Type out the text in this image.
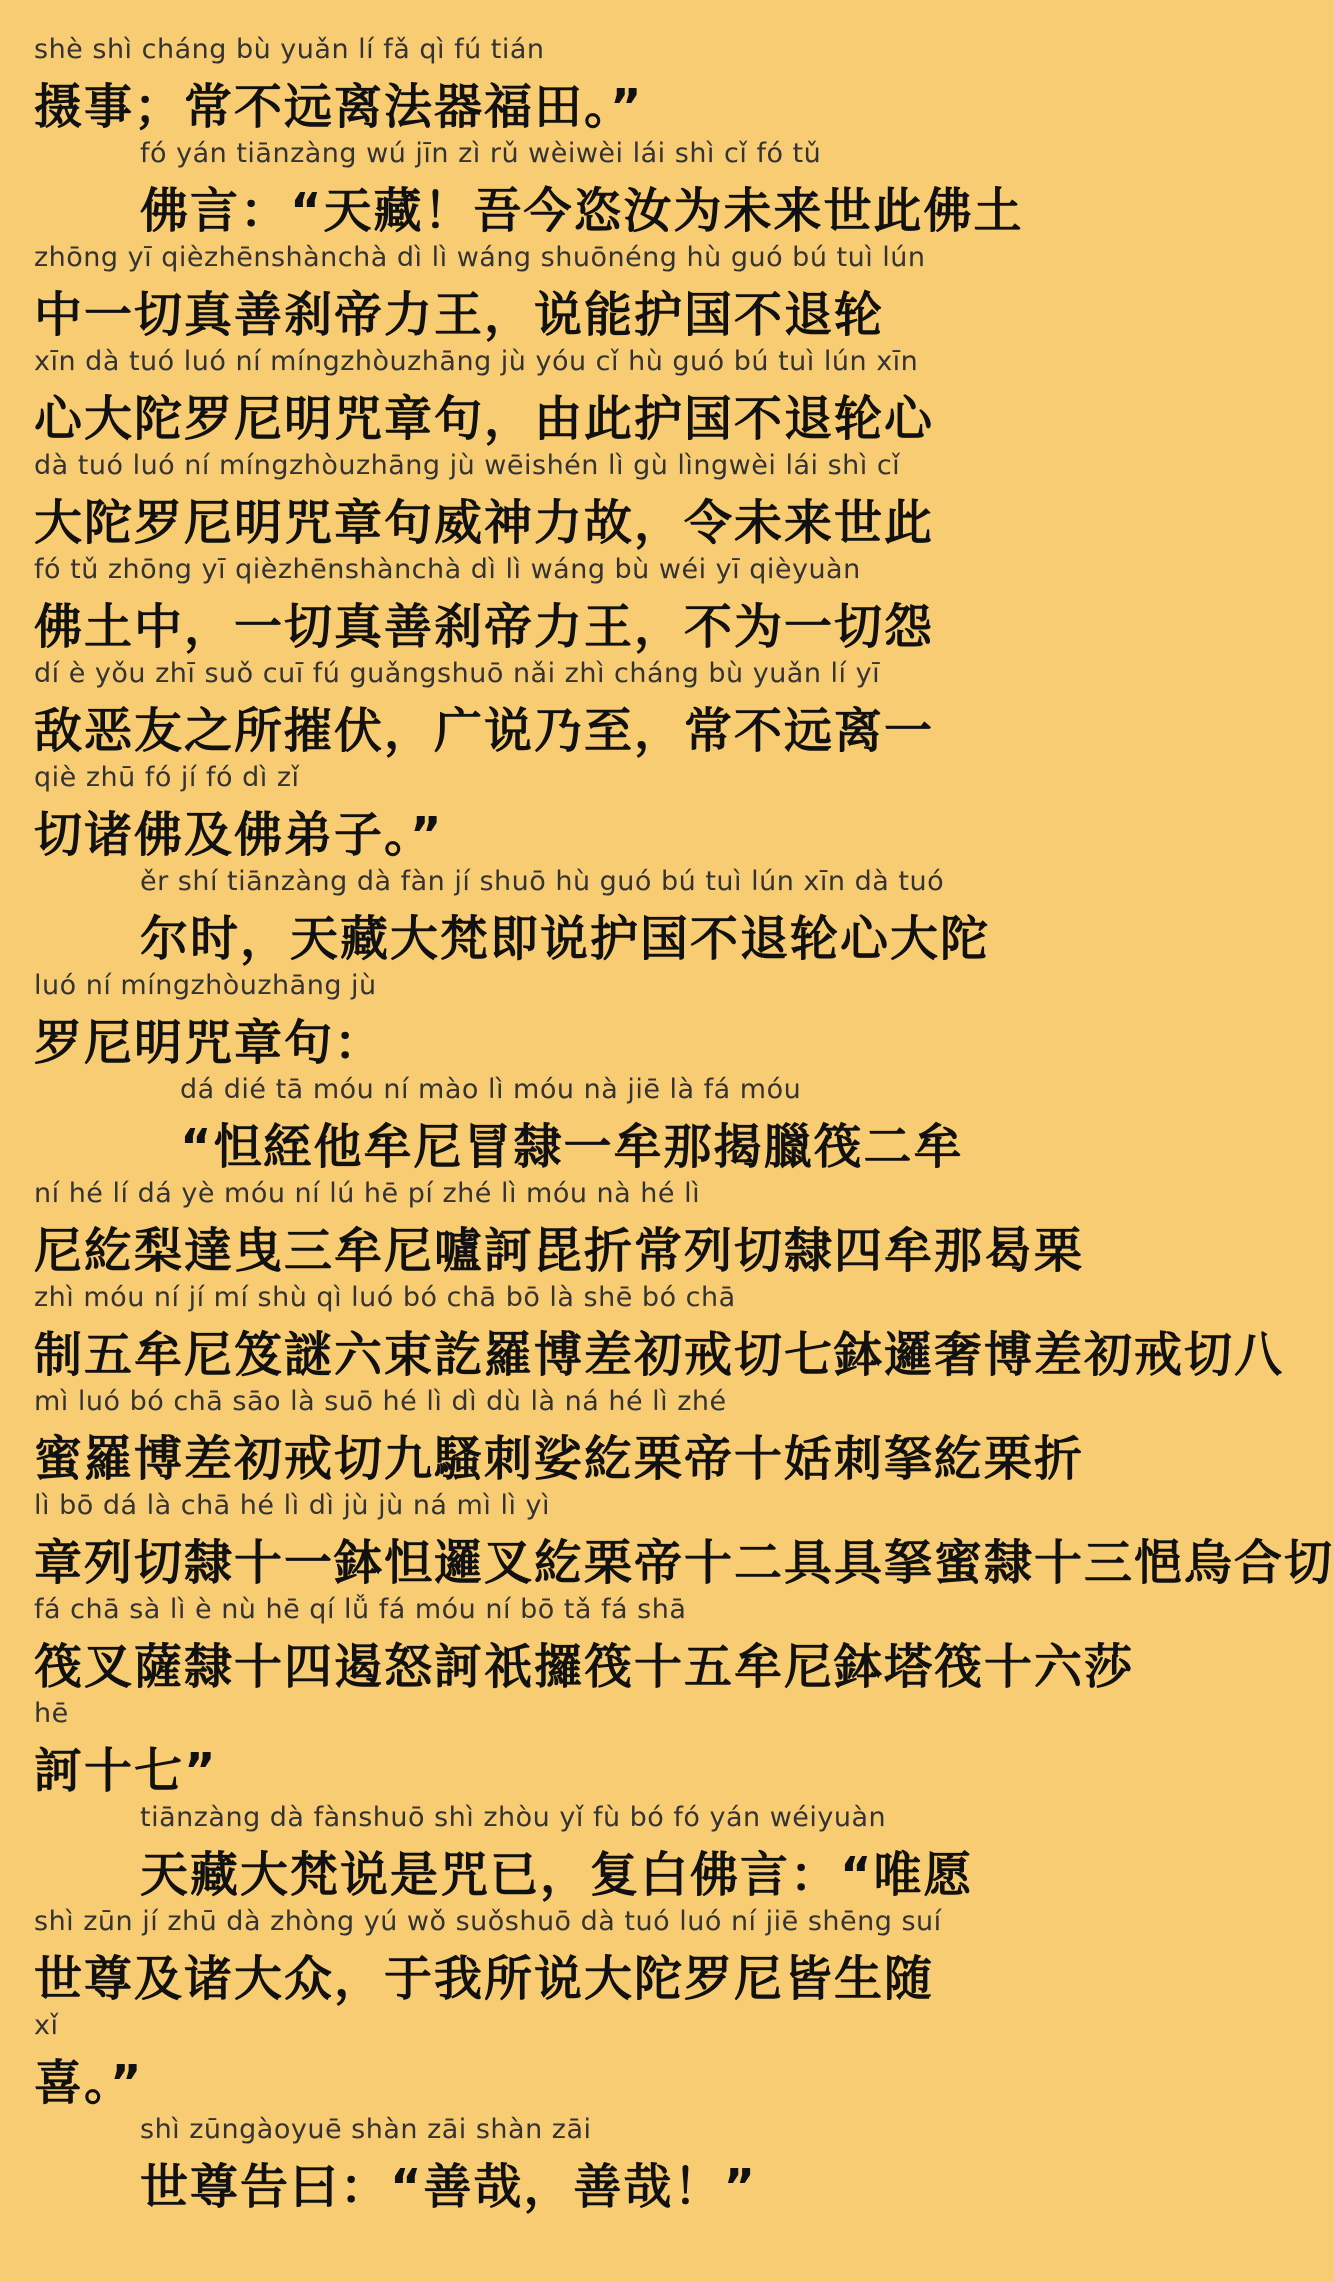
shè shì cháng bù yuǎn lí fǎ qì fú tián
摄事；常不远离法器福田。”
fó yán tiānzàng wú jīn zì rǔ wèiwèi lái shì cǐ fó tǔ
佛言：“天藏！吾今恣汝为未来世此佛土
zhōng yī qièzhēnshànchà dì lì wáng shuōnéng hù guó bú tuì lún
中一切真善刹帝力王，说能护国不退轮
xīn dà tuó luó ní míngzhòuzhāng jù yóu cǐ hù guó bú tuì lún xīn
心大陀罗尼明咒章句，由此护国不退轮心
dà tuó luó ní míngzhòuzhāng jù wēishén lì gù lìngwèi lái shì cǐ
大陀罗尼明咒章句威神力故，令未来世此
fó tǔ zhōng yī qièzhēnshànchà dì lì wáng bù wéi yī qièyuàn
佛土中，一切真善刹帝力王，不为一切怨
dí è yǒu zhī suǒ cuī fú guǎngshuō nǎi zhì cháng bù yuǎn lí yī
敌恶友之所摧伏，广说乃至，常不远离一
qiè zhū fó jí fó dì zǐ
切诸佛及佛弟子。”
ěr shí tiānzàng dà fàn jí shuō hù guó bú tuì lún xīn dà tuó
尔时，天藏大梵即说护国不退轮心大陀
luó ní míngzhòuzhāng jù
罗尼明咒章句：
dá dié tā móu ní mào lì móu nà jiē là fá móu
“怛絰他牟尼冒隸一牟那揭臘筏二牟
ní hé lí dá yè móu ní lú hē pí zhé lì móu nà hé lì
尼紇梨達曳三牟尼嚧訶毘折常列切隸四牟那曷栗
zhì móu ní jí mí shù qì luó bó chā bō là shē bó chā
制五牟尼笈謎六束訖羅博差初戒切七鉢邏奢博差初戒切八
mì luó bó chā sāo là suō hé lì dì dù là ná hé lì zhé
蜜羅博差初戒切九騷刺娑紇栗帝十姡刺拏紇栗折
lì bō dá là chā hé lì dì jù jù ná mì lì yì
章列切隸十一鉢怛邏叉紇栗帝十二具具拏蜜隸十三悒烏合切
fá chā sà lì è nù hē qí lǚ fá móu ní bō tǎ fá shā
筏叉薩隸十四遏怒訶祇攞筏十五牟尼鉢塔筏十六莎
hē
訶十七”
tiānzàng dà fànshuō shì zhòu yǐ fù bó fó yán wéiyuàn
天藏大梵说是咒已，复白佛言：“唯愿
shì zūn jí zhū dà zhòng yú wǒ suǒshuō dà tuó luó ní jiē shēng suí
世尊及诸大众，于我所说大陀罗尼皆生随
xǐ
喜。”
shì zūngàoyuē shàn zāi shàn zāi
世尊告曰：“善哉，善哉！”
